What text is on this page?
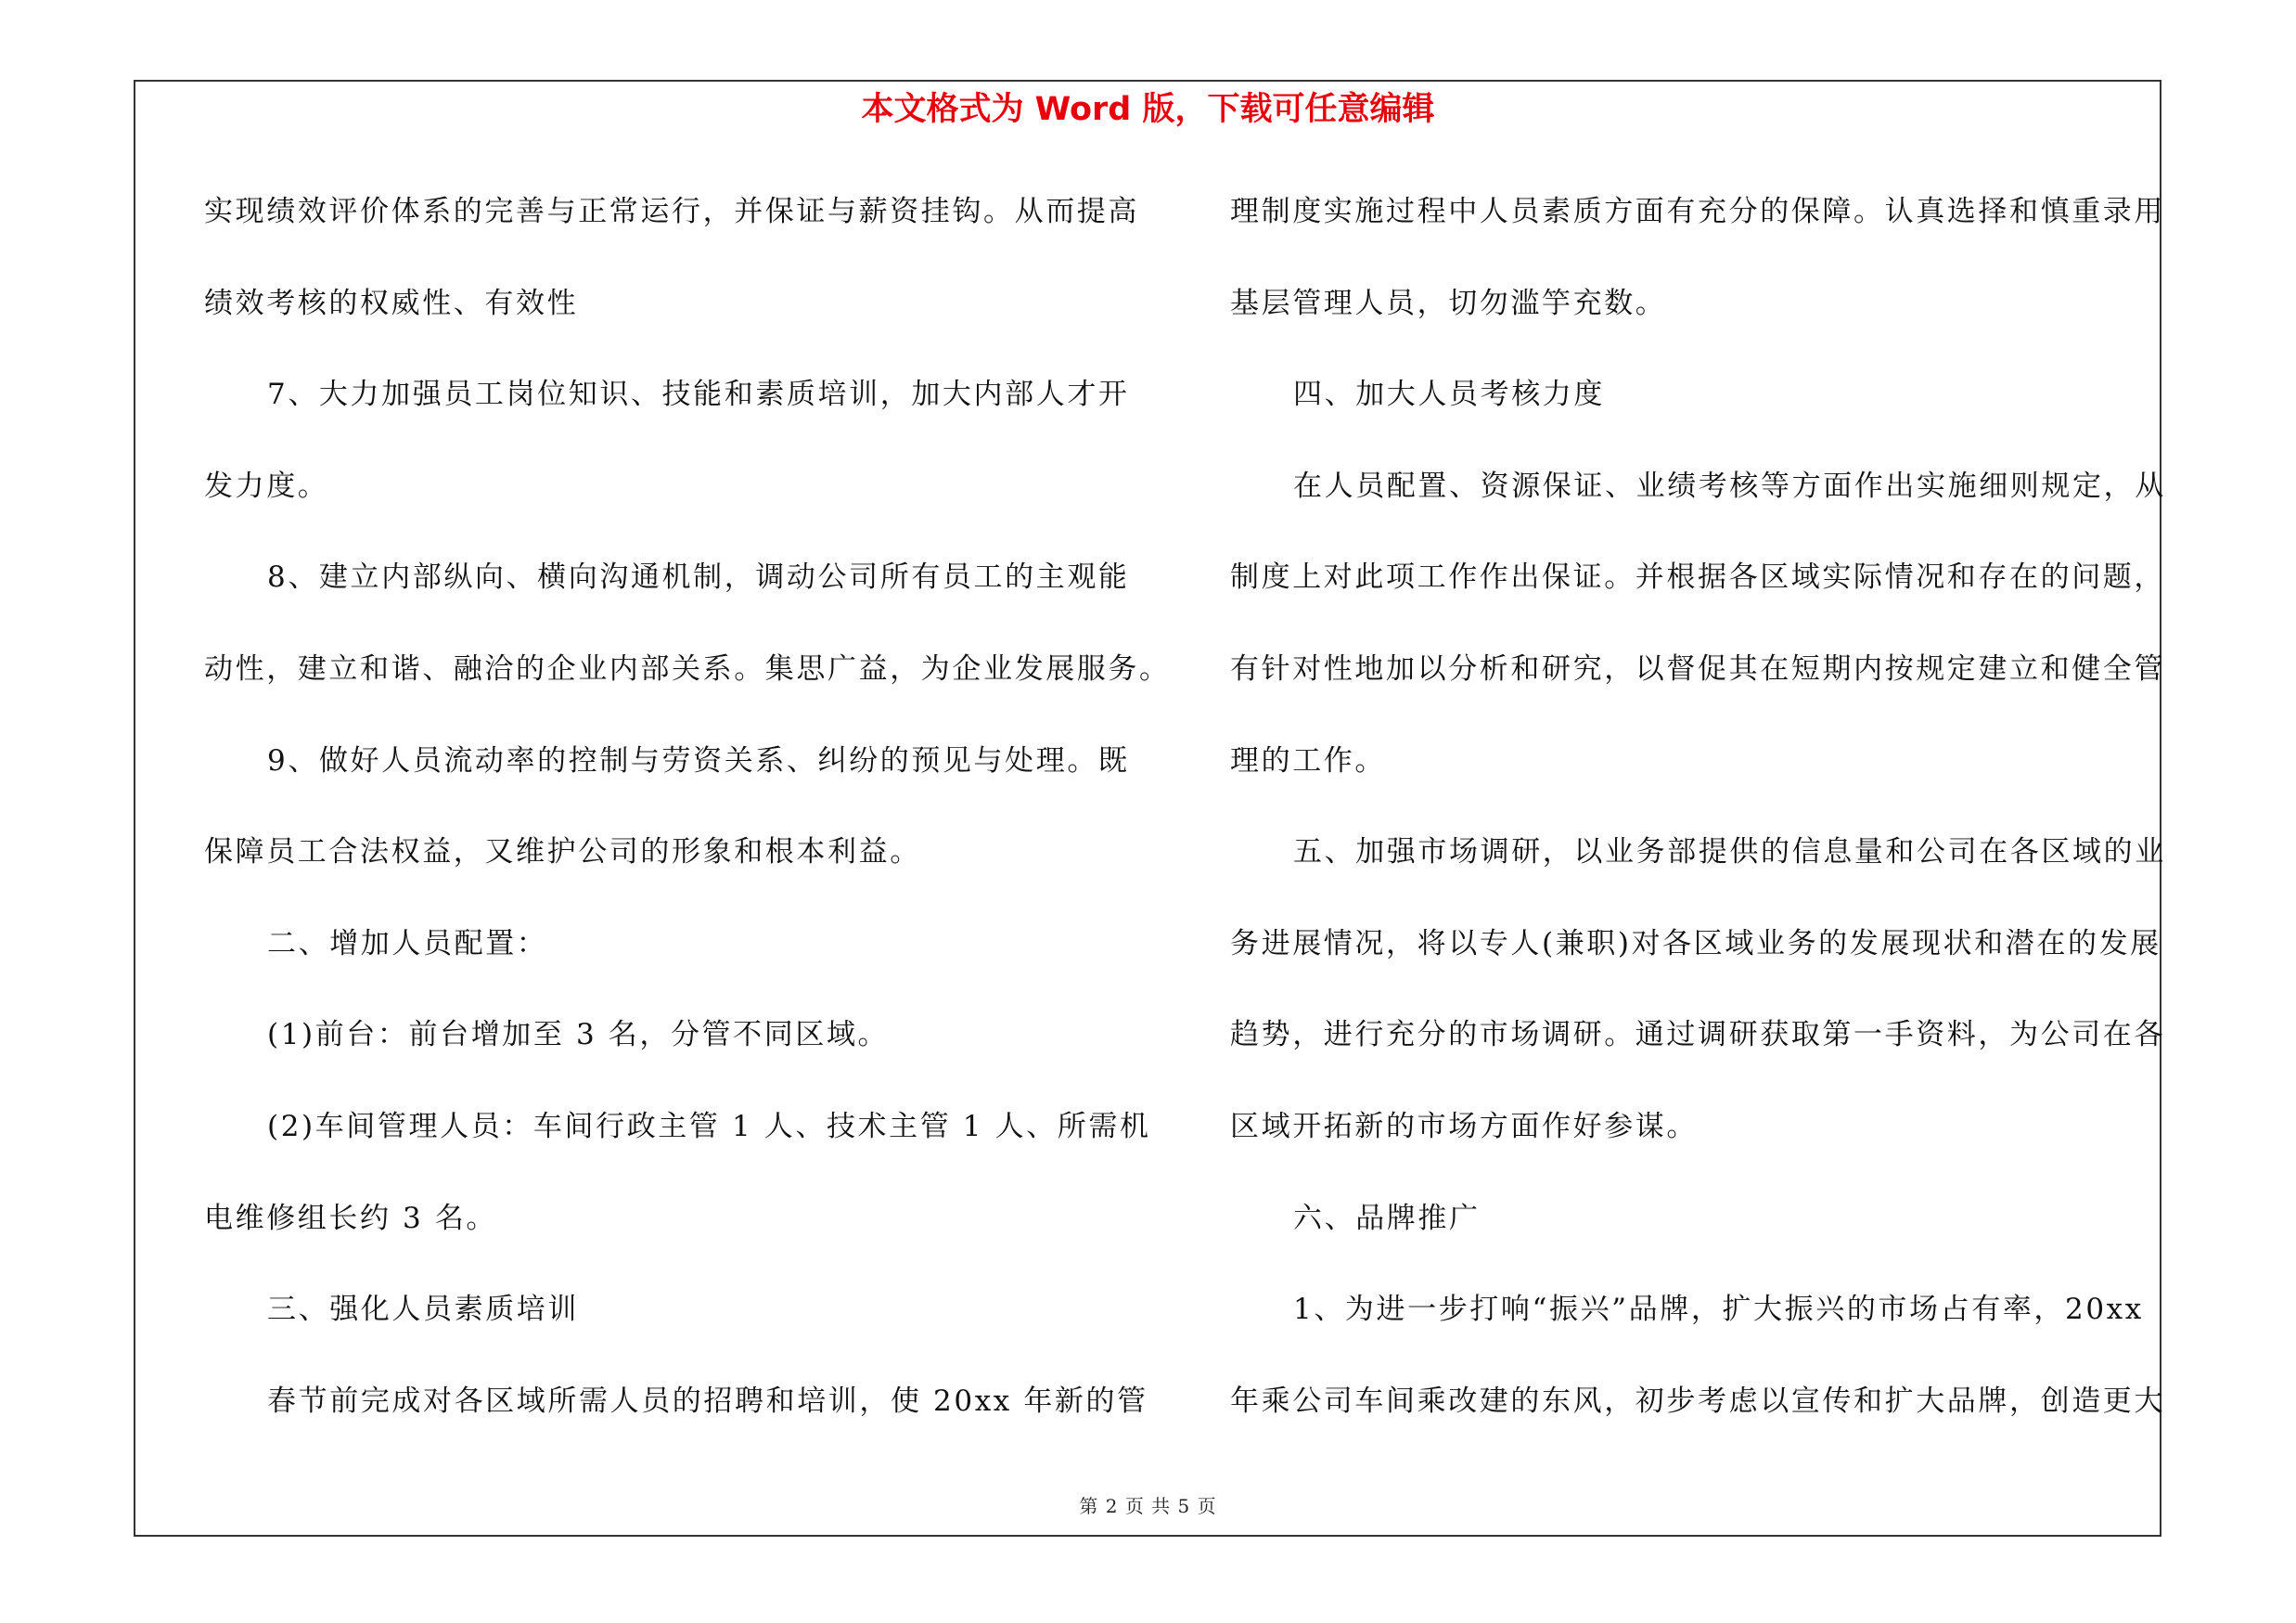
本文格式为 Word 版，下载可任意编辑
实现绩效评价体系的完善与正常运行，并保证与薪资挂钩。从而提高
绩效考核的权威性、有效性
7、大力加强员工岗位知识、技能和素质培训，加大内部人才开
发力度。
8、建立内部纵向、横向沟通机制，调动公司所有员工的主观能
动性，建立和谐、融洽的企业内部关系。集思广益，为企业发展服务。
9、做好人员流动率的控制与劳资关系、纠纷的预见与处理。既
保障员工合法权益，又维护公司的形象和根本利益。
二、增加人员配置：
(1)前台：前台增加至 3 名，分管不同区域。
(2)车间管理人员：车间行政主管 1 人、技术主管 1 人、所需机
电维修组长约 3 名。
三、强化人员素质培训
春节前完成对各区域所需人员的招聘和培训，使 20xx 年新的管
理制度实施过程中人员素质方面有充分的保障。认真选择和慎重录用
基层管理人员，切勿滥竽充数。
四、加大人员考核力度
在人员配置、资源保证、业绩考核等方面作出实施细则规定，从
制度上对此项工作作出保证。并根据各区域实际情况和存在的问题，
有针对性地加以分析和研究，以督促其在短期内按规定建立和健全管
理的工作。
五、加强市场调研，以业务部提供的信息量和公司在各区域的业
务进展情况，将以专人(兼职)对各区域业务的发展现状和潜在的发展
趋势，进行充分的市场调研。通过调研获取第一手资料，为公司在各
区域开拓新的市场方面作好参谋。
六、品牌推广
1、为进一步打响“振兴”品牌，扩大振兴的市场占有率，20xx
年乘公司车间乘改建的东风，初步考虑以宣传和扩大品牌，创造更大
第 2 页 共 5 页
